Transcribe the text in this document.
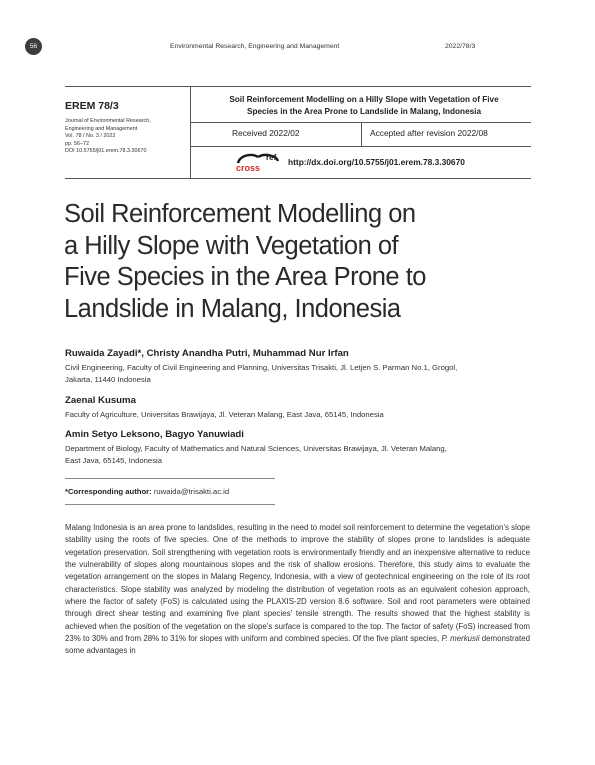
56	Environmental Research, Engineering and Management	2022/78/3
EREM 78/3
Journal of Environmental Research,
Engineering and Management
Vol. 78 / No. 3 / 2022
pp. 56–72
DOI 10.5755/j01.erem.78.3.30670
Soil Reinforcement Modelling on a Hilly Slope with Vegetation of Five
Species in the Area Prone to Landslide in Malang, Indonesia
Received 2022/02	Accepted after revision 2022/08
ref
cross
http://dx.doi.org/10.5755/j01.erem.78.3.30670
Soil Reinforcement Modelling on
a Hilly Slope with Vegetation of
Five Species in the Area Prone to
Landslide in Malang, Indonesia
Ruwaida Zayadi*, Christy Anandha Putri, Muhammad Nur Irfan
Civil Engineering, Faculty of Civil Engineering and Planning, Universitas Trisakti, Jl. Letjen S. Parman No.1, Grogol,
Jakarta, 11440 Indonesia
Zaenal Kusuma
Faculty of Agriculture, Universitas Brawijaya, Jl. Veteran Malang, East Java, 65145, Indonesia
Amin Setyo Leksono, Bagyo Yanuwiadi
Department of Biology, Faculty of Mathematics and Natural Sciences, Universitas Brawijaya, Jl. Veteran Malang,
East Java, 65145, Indonesia
*Corresponding author: ruwaida@trisakti.ac.id
Malang Indonesia is an area prone to landslides, resulting in the need to model soil reinforcement to determine the vegetation’s slope stability using the roots of five species. One of the methods to improve the stability of slopes prone to landslides is adequate vegetation preservation. Soil strengthening with vegetation roots is environmentally friendly and an inexpensive alternative to reduce the vulnerability of slopes along mountainous slopes and the risk of shallow erosions. Therefore, this study aims to evaluate the vegetation arrangement on the slopes in Malang Regency, Indonesia, with a view of geotechnical engineering on the role of its root characteristics. Slope stability was analyzed by modeling the distribution of vegetation roots as an equivalent cohesion approach, where the factor of safety (FoS) is calculated using the PLAXIS-2D version 8.6 software. Soil and root parameters were obtained through direct shear testing and examining five plant species’ tensile strength. The results showed that the highest stability is achieved when the position of the vegetation on the slope’s surface is compared to the top. The factor of safety (FoS) increased from 23% to 30% and from 28% to 31% for slopes with uniform and combined species. Of the five plant species, P. merkusii demonstrated some advantages in
